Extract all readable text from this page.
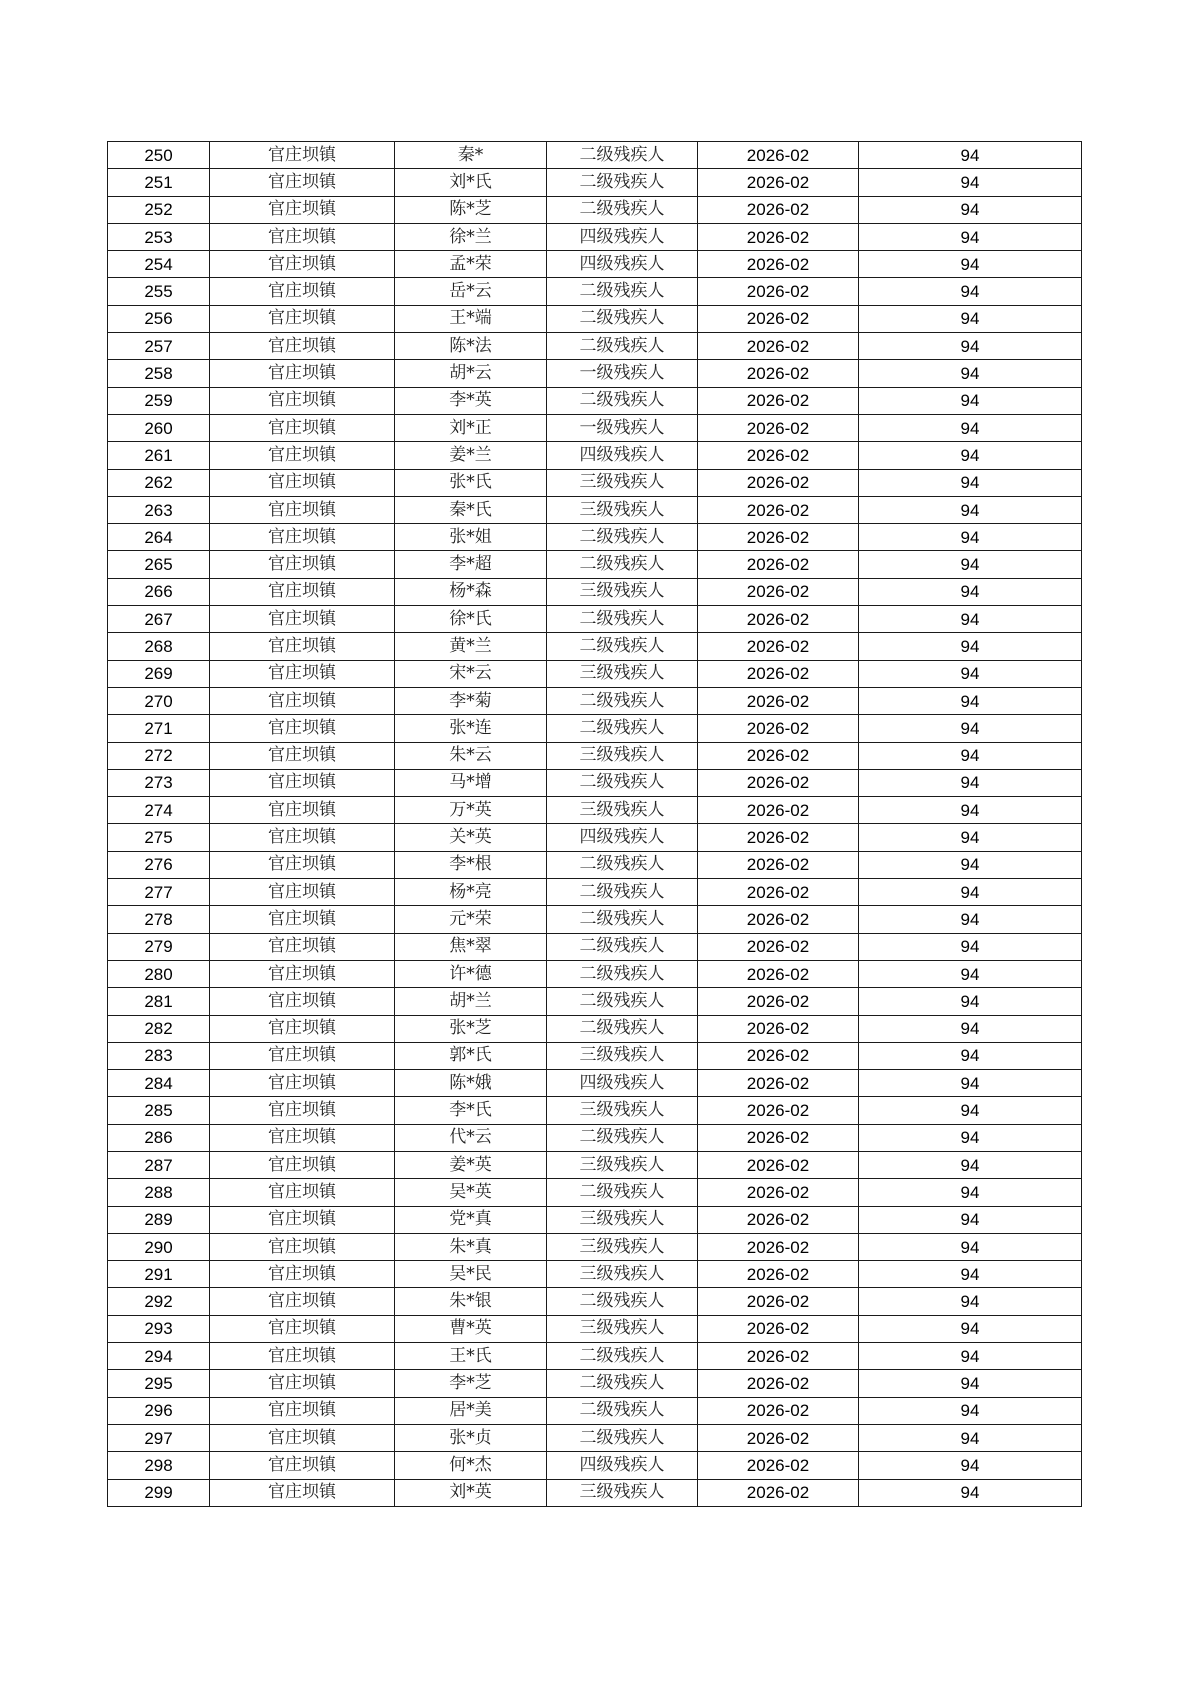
250	官庄坝镇	秦*	二级残疾人	2026-02	94
251	官庄坝镇	刘*氏	二级残疾人	2026-02	94
252	官庄坝镇	陈*芝	二级残疾人	2026-02	94
253	官庄坝镇	徐*兰	四级残疾人	2026-02	94
254	官庄坝镇	孟*荣	四级残疾人	2026-02	94
255	官庄坝镇	岳*云	二级残疾人	2026-02	94
256	官庄坝镇	王*端	二级残疾人	2026-02	94
257	官庄坝镇	陈*法	二级残疾人	2026-02	94
258	官庄坝镇	胡*云	一级残疾人	2026-02	94
259	官庄坝镇	李*英	二级残疾人	2026-02	94
260	官庄坝镇	刘*正	一级残疾人	2026-02	94
261	官庄坝镇	姜*兰	四级残疾人	2026-02	94
262	官庄坝镇	张*氏	三级残疾人	2026-02	94
263	官庄坝镇	秦*氏	三级残疾人	2026-02	94
264	官庄坝镇	张*姐	二级残疾人	2026-02	94
265	官庄坝镇	李*超	二级残疾人	2026-02	94
266	官庄坝镇	杨*森	三级残疾人	2026-02	94
267	官庄坝镇	徐*氏	二级残疾人	2026-02	94
268	官庄坝镇	黄*兰	二级残疾人	2026-02	94
269	官庄坝镇	宋*云	三级残疾人	2026-02	94
270	官庄坝镇	李*菊	二级残疾人	2026-02	94
271	官庄坝镇	张*连	二级残疾人	2026-02	94
272	官庄坝镇	朱*云	三级残疾人	2026-02	94
273	官庄坝镇	马*增	二级残疾人	2026-02	94
274	官庄坝镇	万*英	三级残疾人	2026-02	94
275	官庄坝镇	关*英	四级残疾人	2026-02	94
276	官庄坝镇	李*根	二级残疾人	2026-02	94
277	官庄坝镇	杨*亮	二级残疾人	2026-02	94
278	官庄坝镇	元*荣	二级残疾人	2026-02	94
279	官庄坝镇	焦*翠	二级残疾人	2026-02	94
280	官庄坝镇	许*德	二级残疾人	2026-02	94
281	官庄坝镇	胡*兰	二级残疾人	2026-02	94
282	官庄坝镇	张*芝	二级残疾人	2026-02	94
283	官庄坝镇	郭*氏	三级残疾人	2026-02	94
284	官庄坝镇	陈*娥	四级残疾人	2026-02	94
285	官庄坝镇	李*氏	三级残疾人	2026-02	94
286	官庄坝镇	代*云	二级残疾人	2026-02	94
287	官庄坝镇	姜*英	三级残疾人	2026-02	94
288	官庄坝镇	吴*英	二级残疾人	2026-02	94
289	官庄坝镇	党*真	三级残疾人	2026-02	94
290	官庄坝镇	朱*真	三级残疾人	2026-02	94
291	官庄坝镇	吴*民	三级残疾人	2026-02	94
292	官庄坝镇	朱*银	二级残疾人	2026-02	94
293	官庄坝镇	曹*英	三级残疾人	2026-02	94
294	官庄坝镇	王*氏	二级残疾人	2026-02	94
295	官庄坝镇	李*芝	二级残疾人	2026-02	94
296	官庄坝镇	居*美	二级残疾人	2026-02	94
297	官庄坝镇	张*贞	二级残疾人	2026-02	94
298	官庄坝镇	何*杰	四级残疾人	2026-02	94
299	官庄坝镇	刘*英	三级残疾人	2026-02	94
